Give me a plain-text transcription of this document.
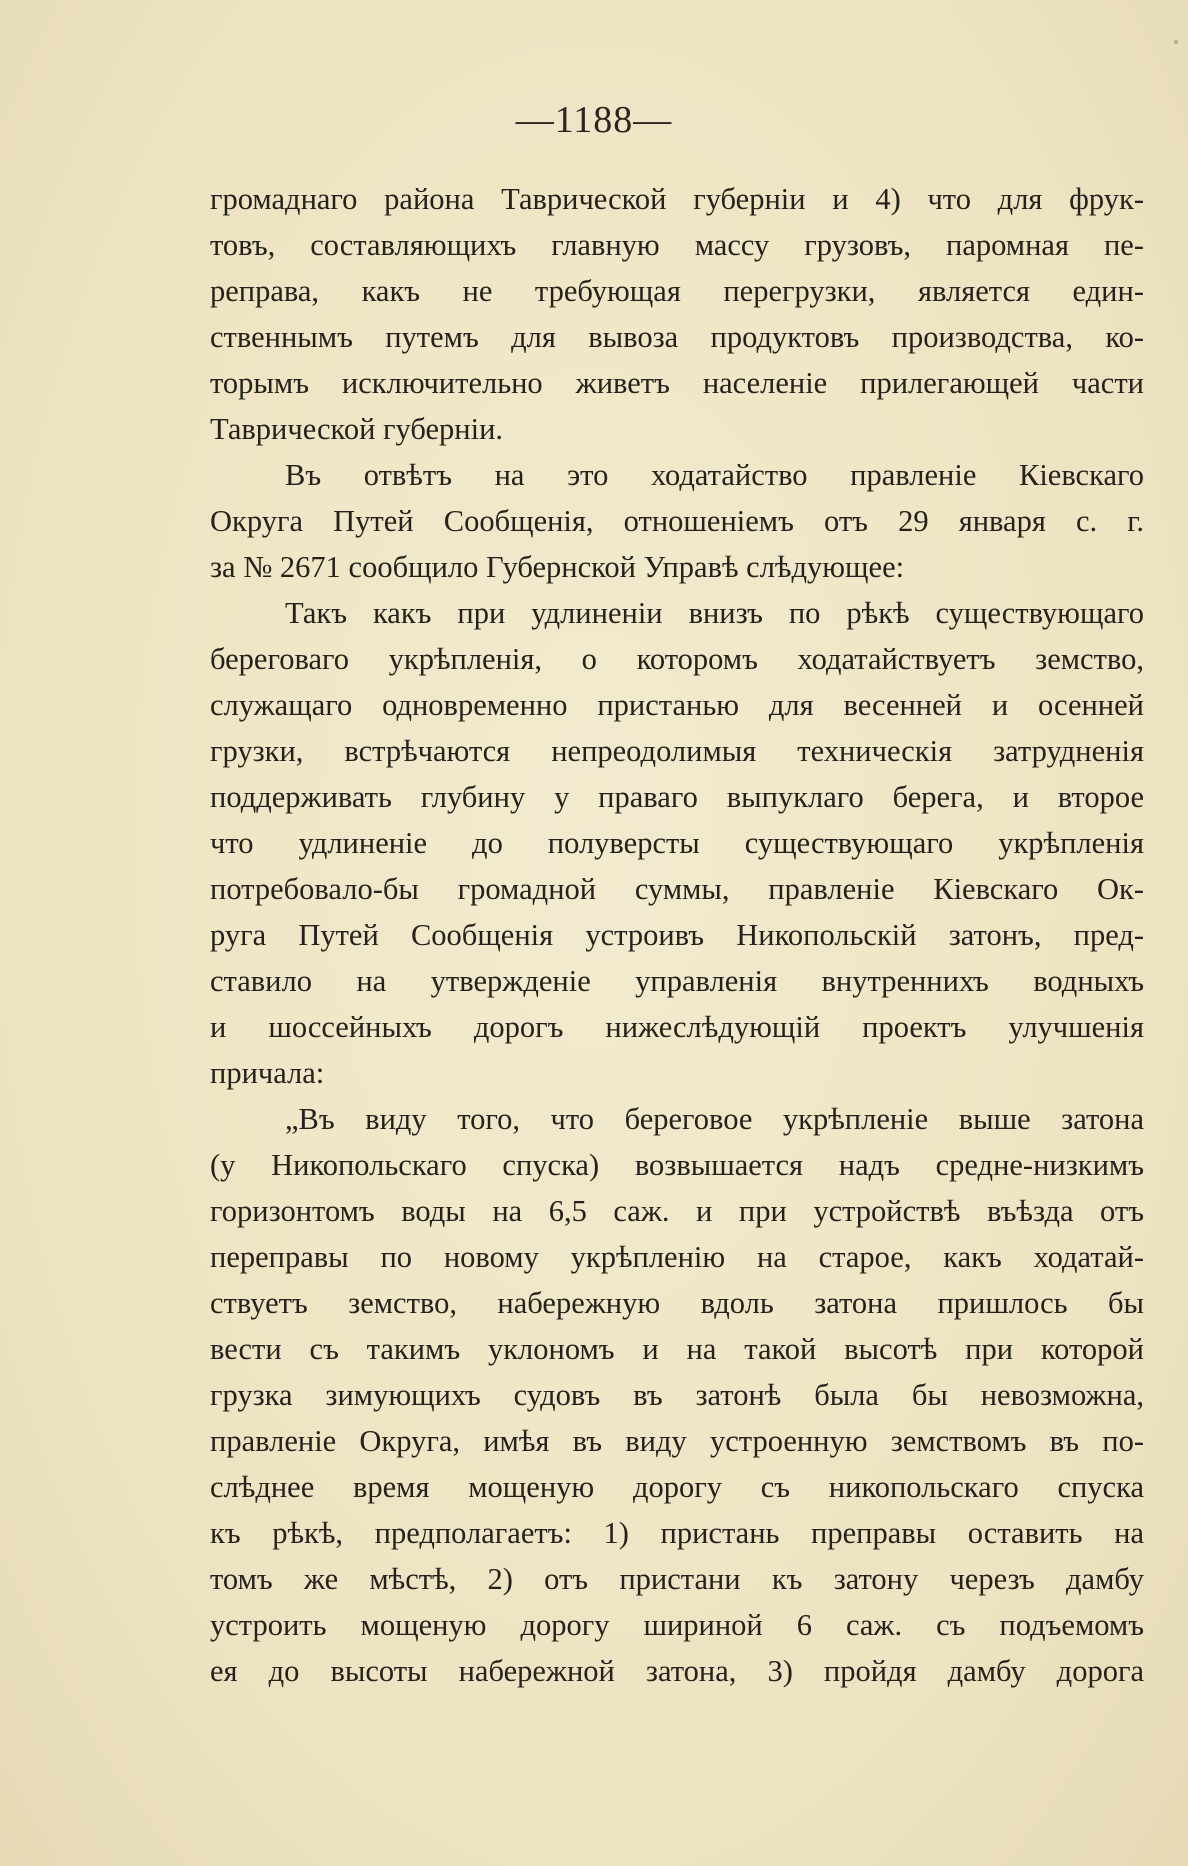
—1188—
громаднаго района Таврической губерніи и 4) что для фрук-
товъ, составляющихъ главную массу грузовъ, паромная пе-
реправа, какъ не требующая перегрузки, является един-
ственнымъ путемъ для вывоза продуктовъ производства, ко-
торымъ исключительно живетъ населеніе прилегающей части
Таврической губерніи.
Въ отвѣтъ на это ходатайство правленіе Кіевскаго
Округа Путей Сообщенія, отношеніемъ отъ 29 января с. г.
за № 2671 сообщило Губернской Управѣ слѣдующее:
Такъ какъ при удлиненіи внизъ по рѣкѣ существующаго
береговаго укрѣпленія, о которомъ ходатайствуетъ земство,
служащаго одновременно пристанью для весенней и осенней
грузки, встрѣчаются непреодолимыя техническія затрудненія
поддерживать глубину у праваго выпуклаго берега, и второе
что удлиненіе до полуверсты существующаго укрѣпленія
потребовало-бы громадной суммы, правленіе Кіевскаго Ок-
руга Путей Сообщенія устроивъ Никопольскій затонъ, пред-
ставило на утвержденіе управленія внутреннихъ водныхъ
и шоссейныхъ дорогъ нижеслѣдующій проектъ улучшенія
причала:
„Въ виду того, что береговое укрѣпленіе выше затона
(у Никопольскаго спуска) возвышается надъ средне-низкимъ
горизонтомъ воды на 6,5 саж. и при устройствѣ въѣзда отъ
переправы по новому укрѣпленію на старое, какъ ходатай-
ствуетъ земство, набережную вдоль затона пришлось бы
вести съ такимъ уклономъ и на такой высотѣ при которой
грузка зимующихъ судовъ въ затонѣ была бы невозможна,
правленіе Округа, имѣя въ виду устроенную земствомъ въ по-
слѣднее время мощеную дорогу съ никопольскаго спуска
къ рѣкѣ, предполагаетъ: 1) пристань преправы оставить на
томъ же мѣстѣ, 2) отъ пристани къ затону черезъ дамбу
устроить мощеную дорогу шириной 6 саж. съ подъемомъ
ея до высоты набережной затона, 3) пройдя дамбу дорога
